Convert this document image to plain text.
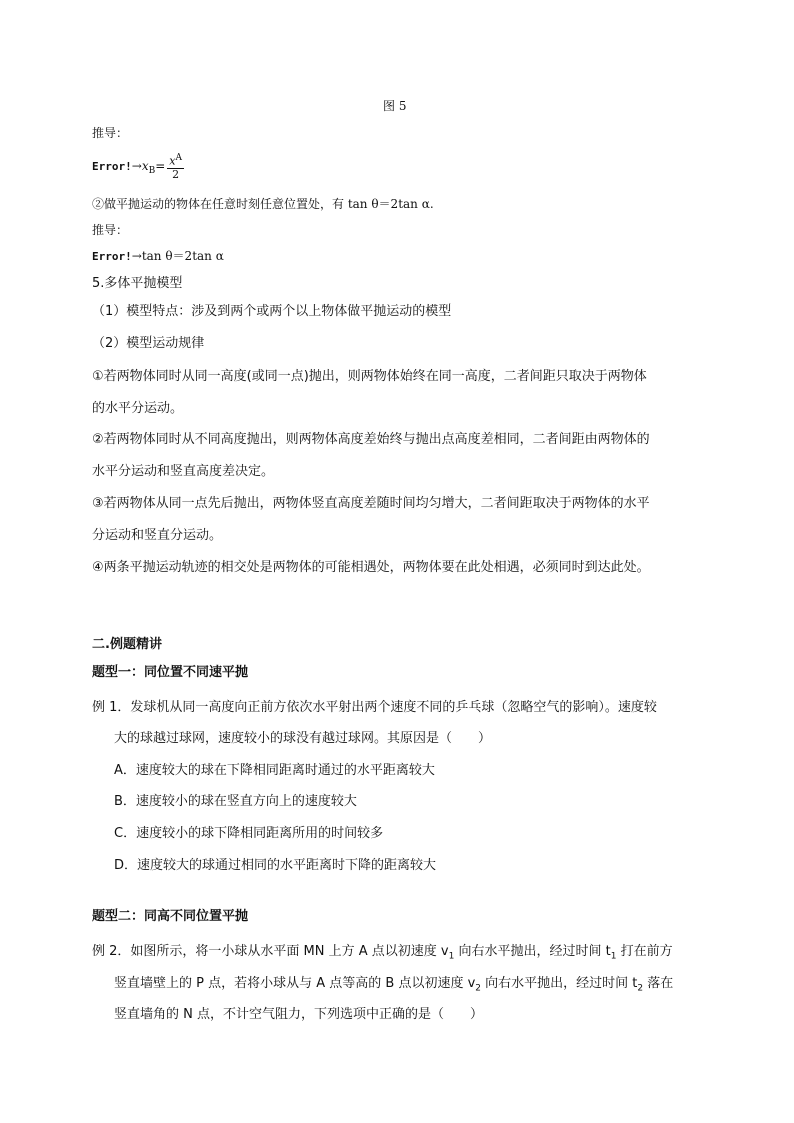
图 5
推导：
$Error!\to x_B= \frac{x^A}{2}$
②做平抛运动的物体在任意时刻任意位置处，有 tan θ＝2tan α.
推导：
Error!→tan θ＝2tan α
5.多体平抛模型
（1）模型特点：涉及到两个或两个以上物体做平抛运动的模型
（2）模型运动规律
①若两物体同时从同一高度(或同一点)抛出，则两物体始终在同一高度，二者间距只取决于两物体
的水平分运动。
②若两物体同时从不同高度抛出，则两物体高度差始终与抛出点高度差相同，二者间距由两物体的
水平分运动和竖直高度差决定。
③若两物体从同一点先后抛出，两物体竖直高度差随时间均匀增大，二者间距取决于两物体的水平
分运动和竖直分运动。
④两条平抛运动轨迹的相交处是两物体的可能相遇处，两物体要在此处相遇，必须同时到达此处。
二.例题精讲
题型一：同位置不同速平抛
例 1．发球机从同一高度向正前方依次水平射出两个速度不同的乒乓球（忽略空气的影响）。速度较
大的球越过球网，速度较小的球没有越过球网。其原因是（　　）
A．速度较大的球在下降相同距离时通过的水平距离较大
B．速度较小的球在竖直方向上的速度较大
C．速度较小的球下降相同距离所用的时间较多
D．速度较大的球通过相同的水平距离时下降的距离较大
题型二：同高不同位置平抛
例 2．如图所示，将一小球从水平面 MN 上方 A 点以初速度 $v_1$ 向右水平抛出，经过时间 $t_1$ 打在前方
竖直墙壁上的 P 点，若将小球从与 A 点等高的 B 点以初速度 $v_2$ 向右水平抛出，经过时间 $t_2$ 落在
竖直墙角的 N 点，不计空气阻力，下列选项中正确的是（　　）
